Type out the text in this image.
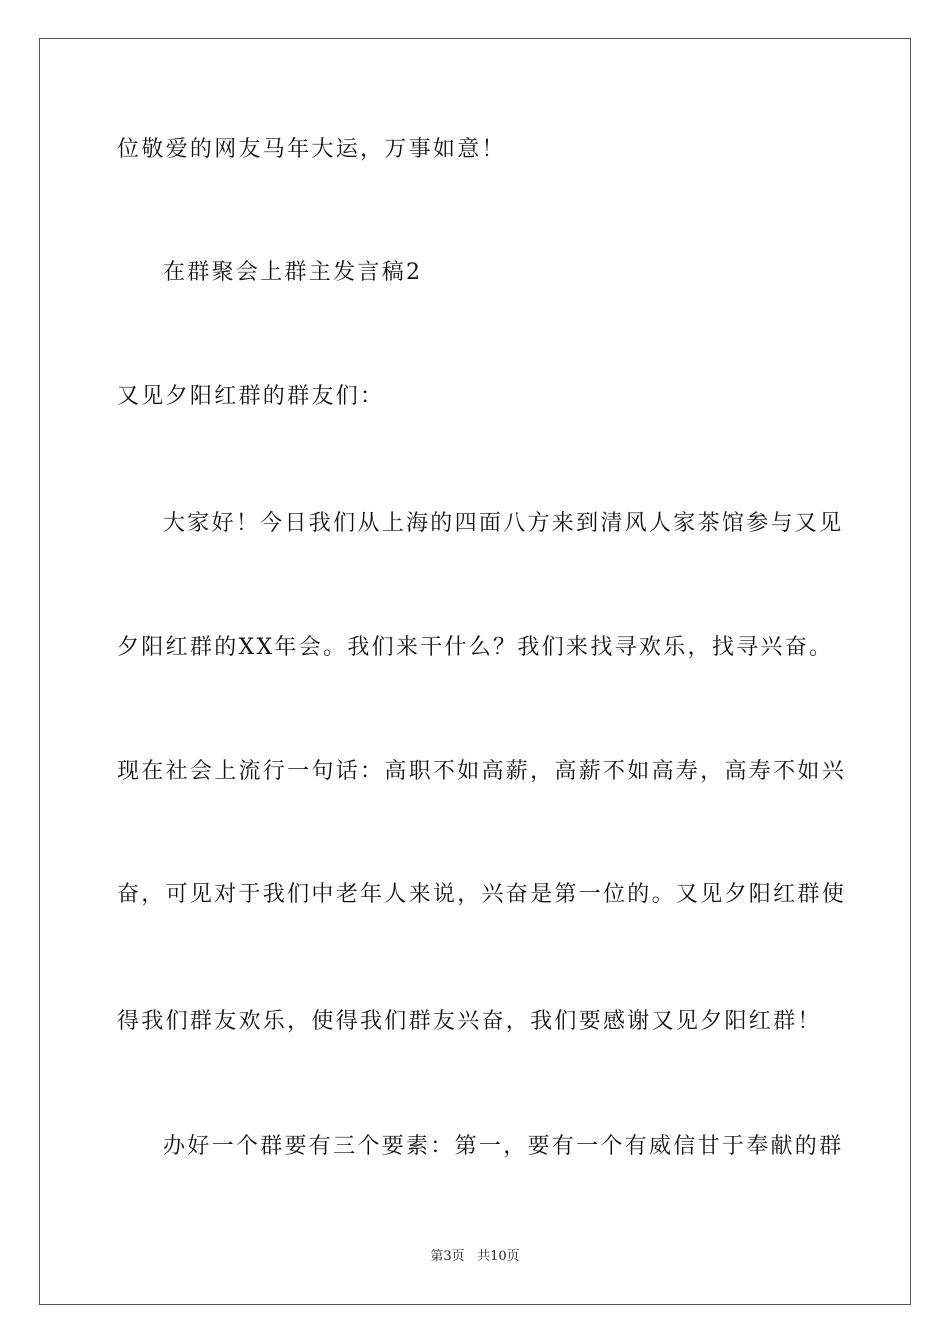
位敬爱的网友马年大运，万事如意！
在群聚会上群主发言稿2
又见夕阳红群的群友们：
大家好！今日我们从上海的四面八方来到清风人家茶馆参与又见
夕阳红群的XX年会。我们来干什么？我们来找寻欢乐，找寻兴奋。
现在社会上流行一句话：高职不如高薪，高薪不如高寿，高寿不如兴
奋，可见对于我们中老年人来说，兴奋是第一位的。又见夕阳红群使
得我们群友欢乐，使得我们群友兴奋，我们要感谢又见夕阳红群！
办好一个群要有三个要素：第一，要有一个有威信甘于奉献的群
第3页 共10页
